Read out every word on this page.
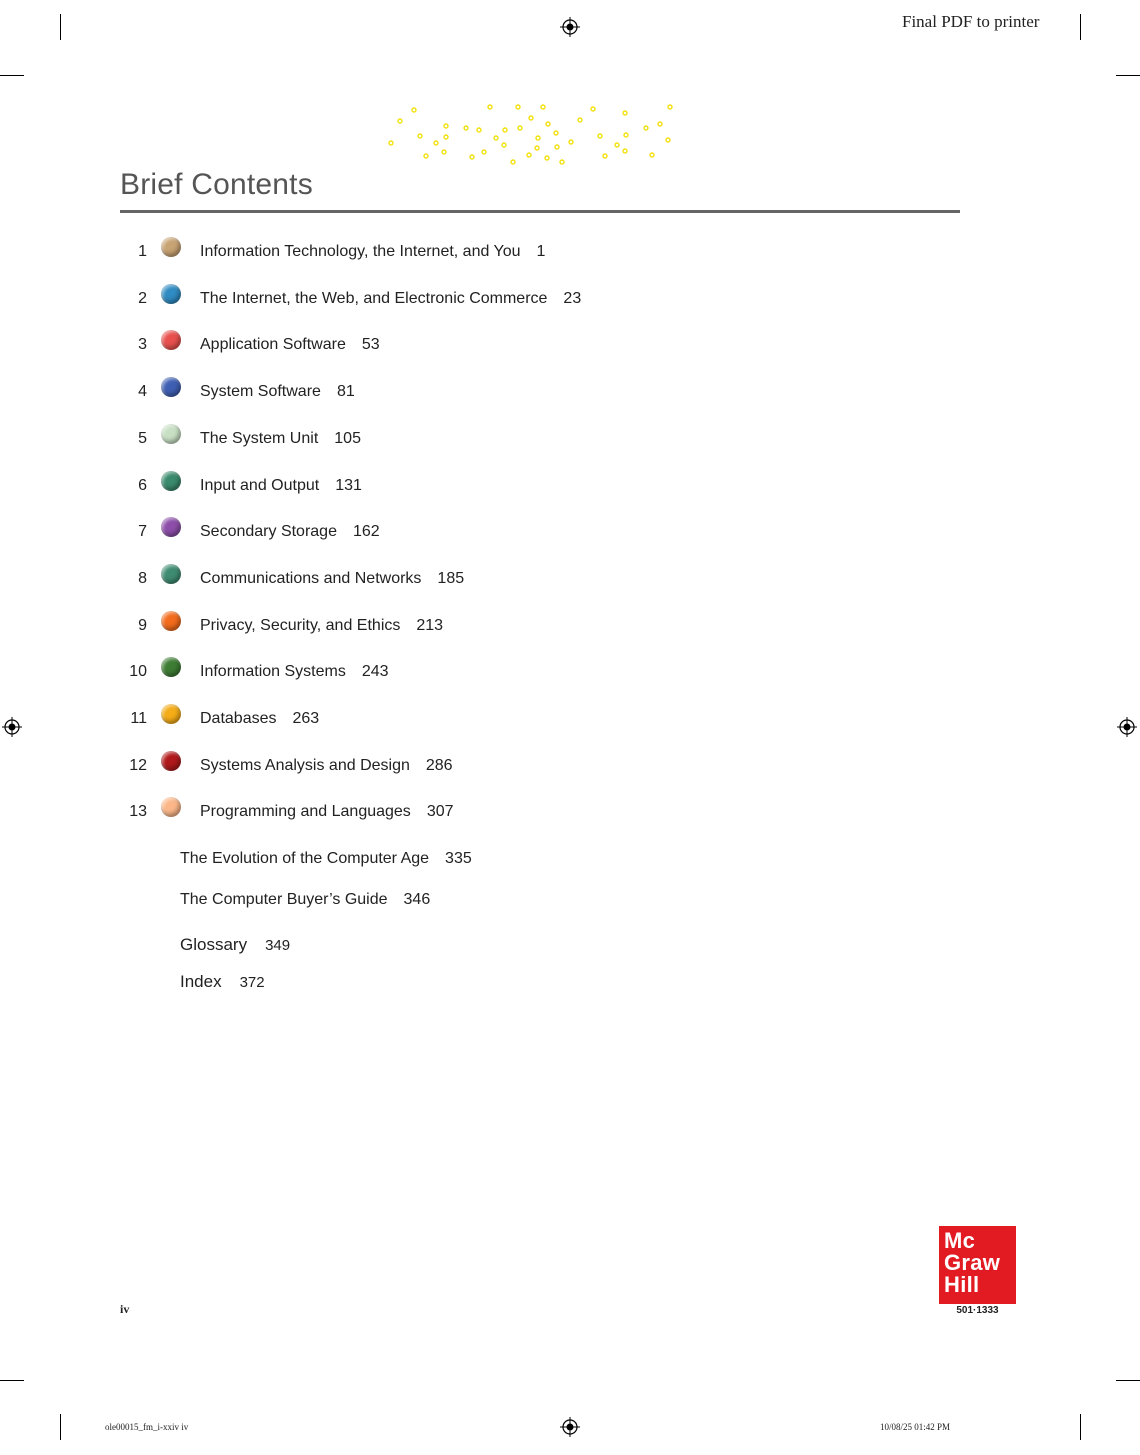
Final PDF to printer
Brief Contents
1	Information Technology, the Internet, and You 1
2	The Internet, the Web, and Electronic Commerce 23
3	Application Software 53
4	System Software 81
5	The System Unit 105
6	Input and Output 131
7	Secondary Storage 162
8	Communications and Networks 185
9	Privacy, Security, and Ethics 213
10	Information Systems 243
11	Databases 263
12	Systems Analysis and Design 286
13	Programming and Languages 307
The Evolution of the Computer Age 335
The Computer Buyer’s Guide 346
Glossary 349
Index 372
iv
Mc
Graw
Hill
501·1333
ole00015_fm_i-xxiv iv	10/08/25 01:42 PM
